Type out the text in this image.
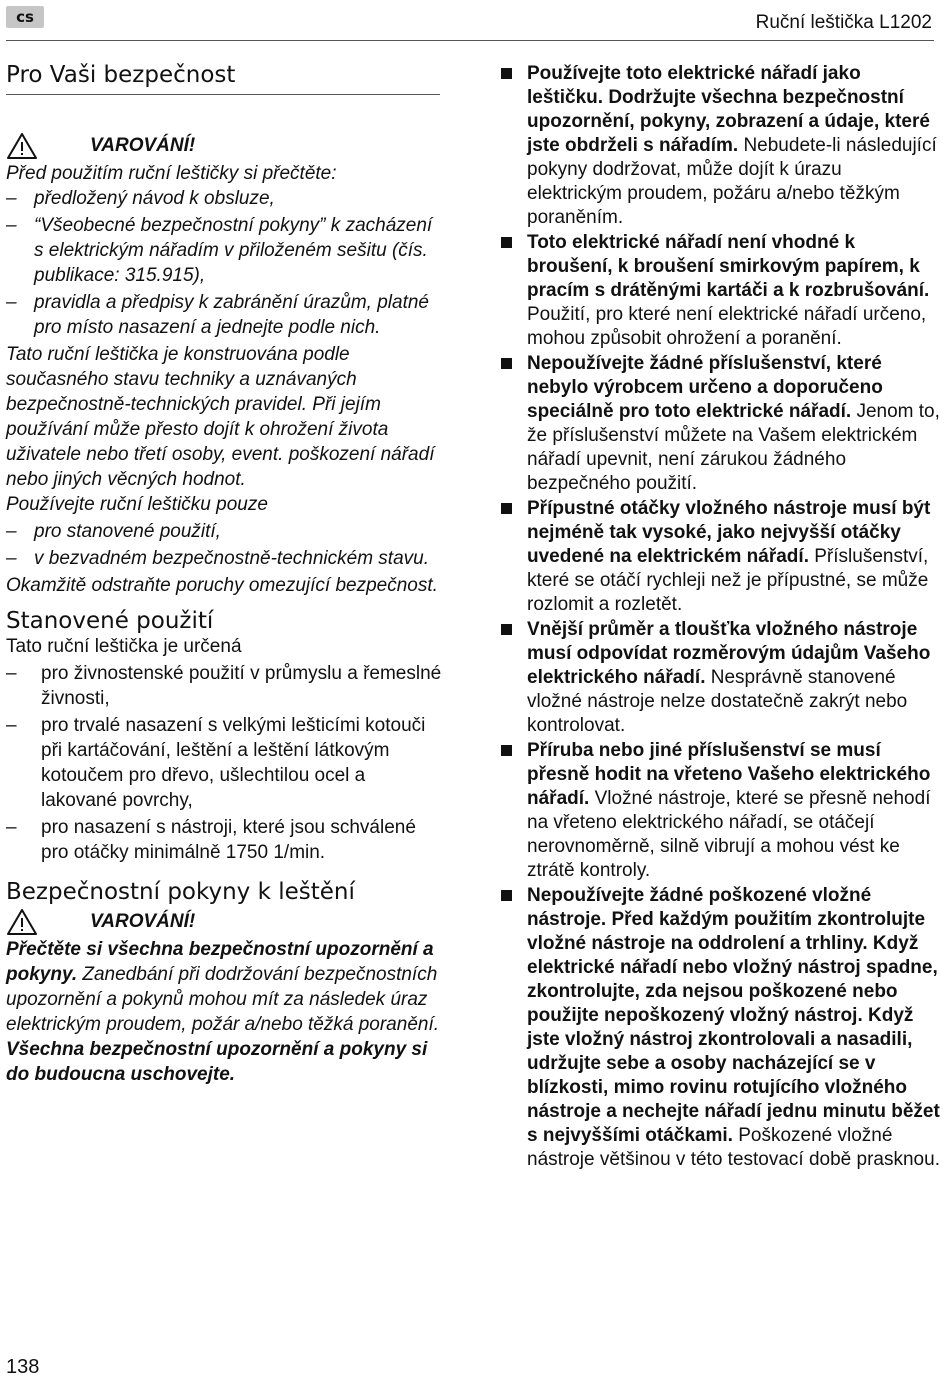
cs	Ruční leštička L1202
Pro Vaši bezpečnost
VAROVÁNÍ!

Před použitím ruční leštičky si přečtěte:

– předložený návod k obsluze,
– “Všeobecné bezpečnostní pokyny” k zacházení s elektrickým nářadím v přiloženém sešitu (čís. publikace: 315.915),
– pravidla a předpisy k zabránění úrazům, platné pro místo nasazení a jednejte podle nich.

Tato ruční leštička je konstruována podle současného stavu techniky a uznávaných bezpečnostně-technických pravidel. Při jejím používání může přesto dojít k ohrožení života uživatele nebo třetí osoby, event. poškození nářadí nebo jiných věcných hodnot.

Používejte ruční leštičku pouze

– pro stanovené použití,
– v bezvadném bezpečnostně-technickém stavu.

Okamžitě odstraňte poruchy omezující bezpečnost.

Stanovené použití

Tato ruční leštička je určená

– pro živnostenské použití v průmyslu a řemeslné živnosti,
– pro trvalé nasazení s velkými lešticími kotouči při kartáčování, leštění a leštění látkovým kotoučem pro dřevo, ušlechtilou ocel a lakované povrchy,
– pro nasazení s nástroji, které jsou schválené pro otáčky minimálně 1750 1/min.
Bezpečnostní pokyny k leštění
VAROVÁNÍ!

Přečtěte si všechna bezpečnostní upozornění a pokyny. Zanedbání při dodržování bezpečnostních upozornění a pokynů mohou mít za následek úraz elektrickým proudem, požár a/nebo těžká poranění. Všechna bezpečnostní upozornění a pokyny si do budoucna uschovejte.

Používejte toto elektrické nářadí jako leštičku. Dodržujte všechna bezpečnostní upozornění, pokyny, zobrazení a údaje, které jste obdrželi s nářadím. Nebudete-li následující pokyny dodržovat, může dojít k úrazu elektrickým proudem, požáru a/nebo těžkým poraněním.
Toto elektrické nářadí není vhodné k broušení, k broušení smirkovým papírem, k pracím s drátěnými kartáči a k rozbrušování. Použití, pro které není elektrické nářadí určeno, mohou způsobit ohrožení a poranění.
Nepoužívejte žádné příslušenství, které nebylo výrobcem určeno a doporučeno speciálně pro toto elektrické nářadí. Jenom to, že příslušenství můžete na Vašem elektrickém nářadí upevnit, není zárukou žádného bezpečného použití.
Přípustné otáčky vložného nástroje musí být nejméně tak vysoké, jako nejvyšší otáčky uvedené na elektrickém nářadí. Příslušenství, které se otáčí rychleji než je přípustné, se může rozlomit a rozletět.
Vnější průměr a tloušťka vložného nástroje musí odpovídat rozměrovým údajům Vašeho elektrického nářadí. Nesprávně stanovené vložné nástroje nelze dostatečně zakrýt nebo kontrolovat.
Příruba nebo jiné příslušenství se musí přesně hodit na vřeteno Vašeho elektrického nářadí. Vložné nástroje, které se přesně nehodí na vřeteno elektrického nářadí, se otáčejí nerovnoměrně, silně vibrují a mohou vést ke ztrátě kontroly.
Nepoužívejte žádné poškozené vložné nástroje. Před každým použitím zkontrolujte vložné nástroje na oddrolení a trhliny. Když elektrické nářadí nebo vložný nástroj spadne, zkontrolujte, zda nejsou poškozené nebo použijte nepoškozený vložný nástroj. Když jste vložný nástroj zkontrolovali a nasadili, udržujte sebe a osoby nacházející se v blízkosti, mimo rovinu rotujícího vložného nástroje a nechejte nářadí jednu minutu běžet s nejvyššími otáčkami. Poškozené vložné nástroje většinou v této testovací době prasknou.
138
